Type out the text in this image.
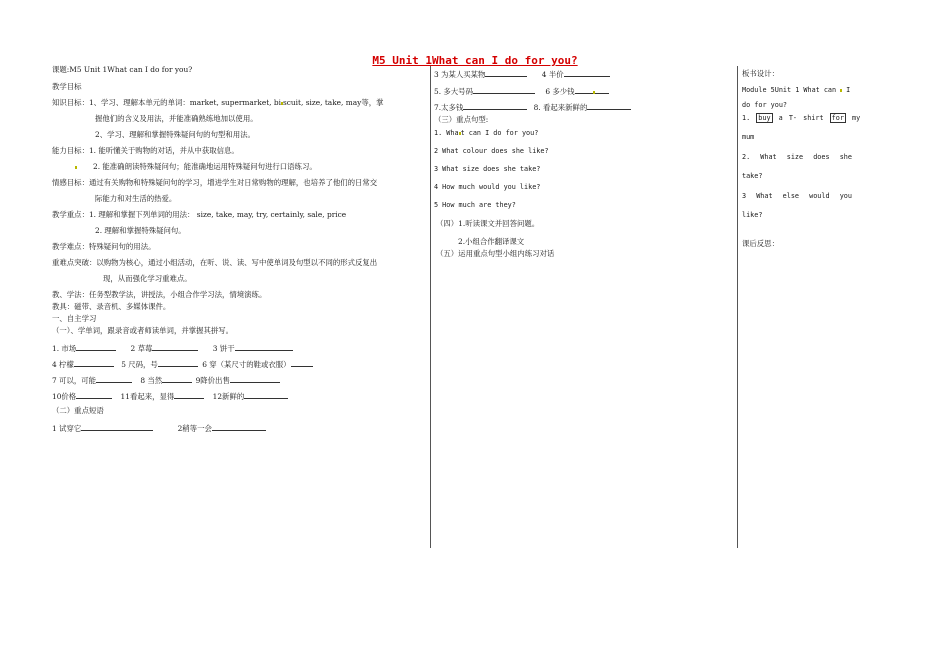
M5 Unit 1What can I do for you?
课题:M5 Unit 1What can I do for you?
教学目标
知识目标：1、学习、理解本单元的单词：market, supermarket, bi scuit, size, take, may等，掌
握他们的含义及用法，并能准确熟练地加以使用。
2、学习、理解和掌握特殊疑问句的句型和用法。
能力目标：1. 能听懂关于购物的对话，并从中获取信息。
2. 能准确朗读特殊疑问句；能准确地运用特殊疑问句进行口语练习。
情感目标：通过有关购物和特殊疑问句的学习，增进学生对日常购物的理解，也培养了他们的日常交
际能力和对生活的热爱。
教学重点：1. 理解和掌握下列单词的用法： size, take, may, try, certainly, sale, price
2. 理解和掌握特殊疑问句。
教学难点：特殊疑问句的用法。
重难点突破：以购物为核心，通过小组活动，在听、说、读、写中使单词及句型以不同的形式反复出
现，从而强化学习重难点。
教、学法：任务型教学法，讲授法，小组合作学习法，情境演练。
教具：磁带、录音机、多媒体课件。
一、自主学习
（一）、学单词，跟录音或者师读单词，并掌握其拼写。
1. 市场	2 草莓	3 饼干
4 柠檬	5 尺码，号	6 穿（某尺寸的鞋或衣服）
7 可以，可能	8 当然	9降价出售
10价格	11看起来，显得	12新鲜的
（二）重点短语
1 试穿它	2稍等一会
3 为某人买某物	4 半价
5. 多大号码	6 多少钱
7.太多钱	8. 看起来新鲜的
（三）重点句型:
1. Wha t can I do for you?
2 What colour does she like?
3 What size does she take?
4 How much would you like?
5 How much are they?
（四）1.听读课文并回答问题。
2.小组合作翻译课文
（五）运用重点句型小组内练习对话
板书设计：
Module 5Unit 1 What can I
do for you?
1. buy a T- shirt for my
mum
2. What size does she
take?
3 What else would you
like?
课后反思：
